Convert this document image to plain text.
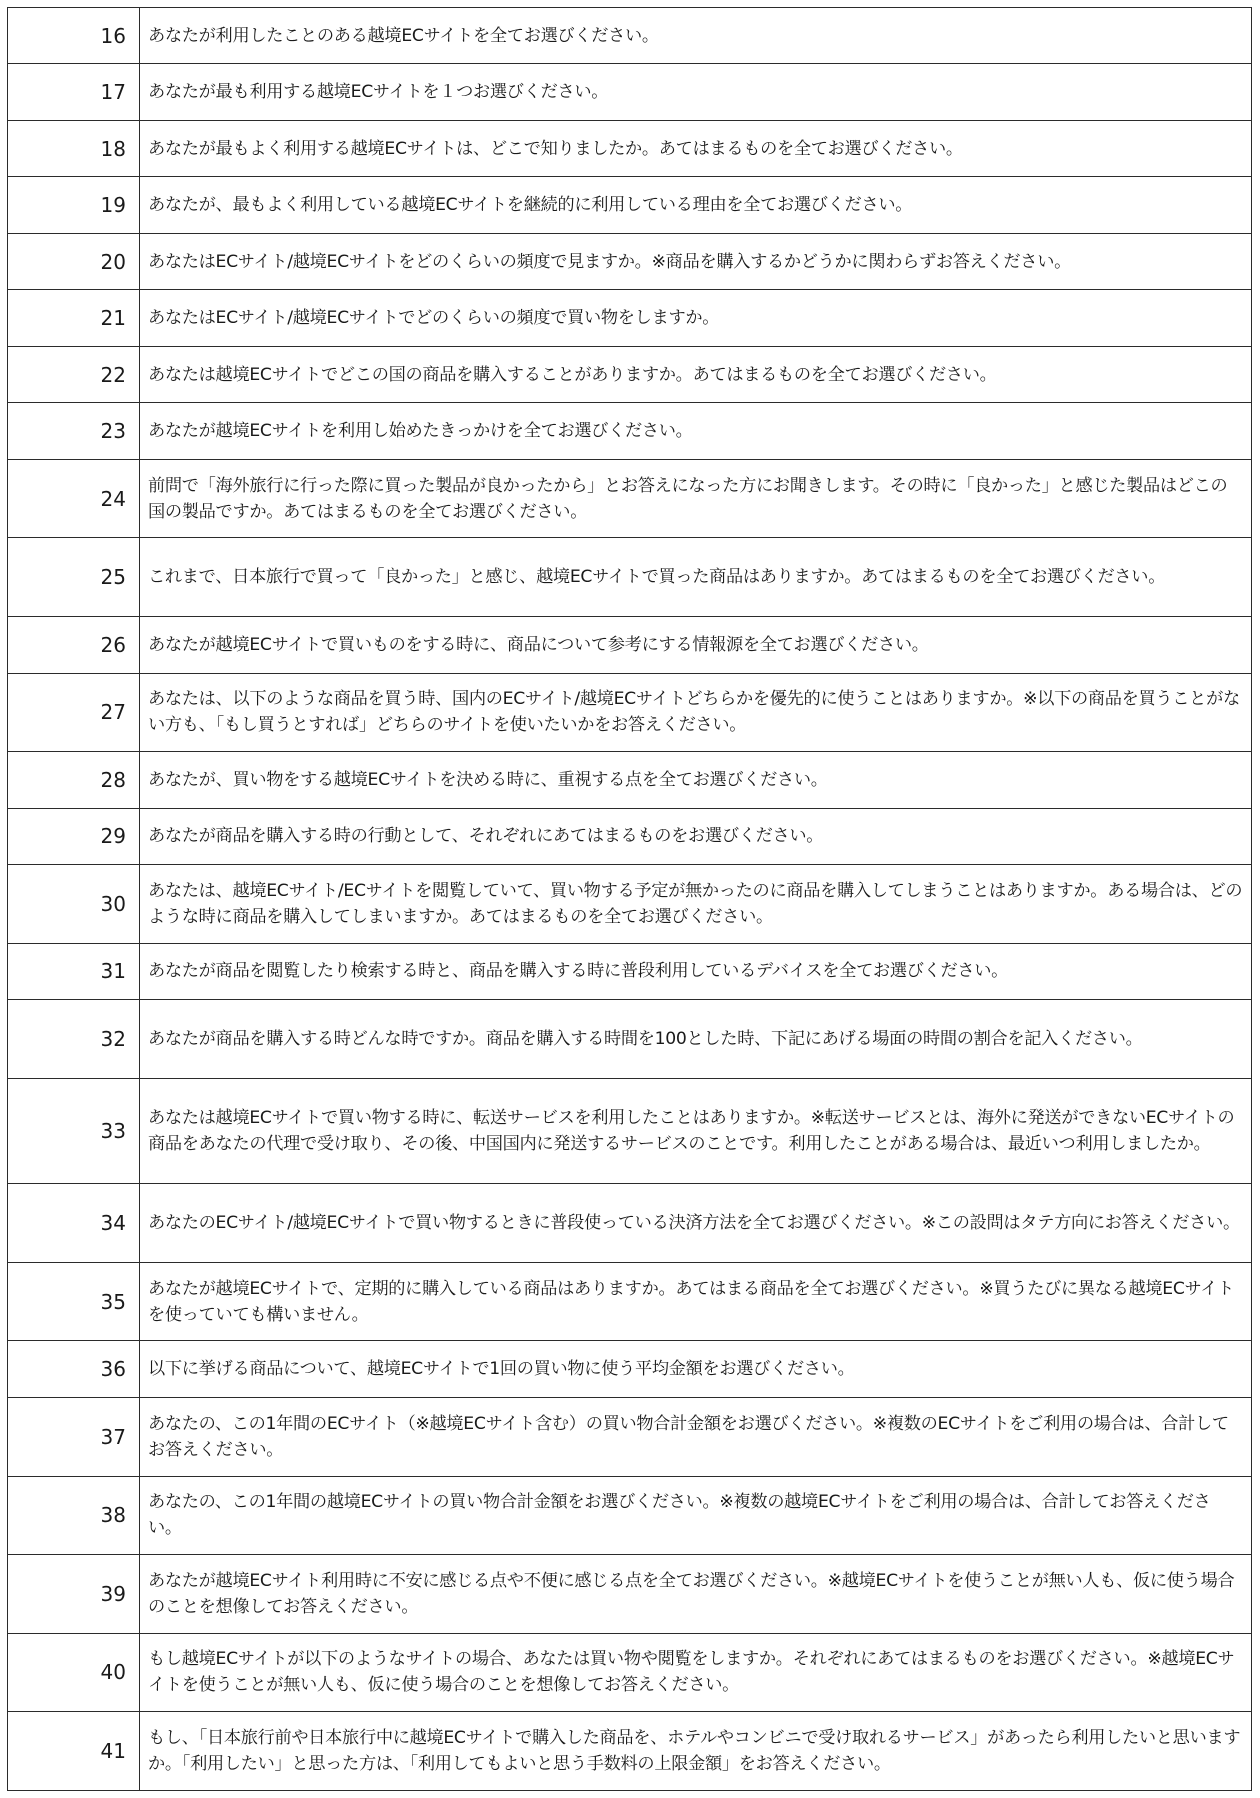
16	あなたが利用したことのある越境ECサイトを全てお選びください。
17	あなたが最も利用する越境ECサイトを１つお選びください。
18	あなたが最もよく利用する越境ECサイトは、どこで知りましたか。あてはまるものを全てお選びください。
19	あなたが、最もよく利用している越境ECサイトを継続的に利用している理由を全てお選びください。
20	あなたはECサイト/越境ECサイトをどのくらいの頻度で見ますか。※商品を購入するかどうかに関わらずお答えください。
21	あなたはECサイト/越境ECサイトでどのくらいの頻度で買い物をしますか。
22	あなたは越境ECサイトでどこの国の商品を購入することがありますか。あてはまるものを全てお選びください。
23	あなたが越境ECサイトを利用し始めたきっかけを全てお選びください。
24	前問で「海外旅行に行った際に買った製品が良かったから」とお答えになった方にお聞きします。その時に「良かった」と感じた製品はどこの国の製品ですか。あてはまるものを全てお選びください。
25	これまで、日本旅行で買って「良かった」と感じ、越境ECサイトで買った商品はありますか。あてはまるものを全てお選びください。
26	あなたが越境ECサイトで買いものをする時に、商品について参考にする情報源を全てお選びください。
27	あなたは、以下のような商品を買う時、国内のECサイト/越境ECサイトどちらかを優先的に使うことはありますか。※以下の商品を買うことがない方も、「もし買うとすれば」どちらのサイトを使いたいかをお答えください。
28	あなたが、買い物をする越境ECサイトを決める時に、重視する点を全てお選びください。
29	あなたが商品を購入する時の行動として、それぞれにあてはまるものをお選びください。
30	あなたは、越境ECサイト/ECサイトを閲覧していて、買い物する予定が無かったのに商品を購入してしまうことはありますか。ある場合は、どのような時に商品を購入してしまいますか。あてはまるものを全てお選びください。
31	あなたが商品を閲覧したり検索する時と、商品を購入する時に普段利用しているデバイスを全てお選びください。
32	あなたが商品を購入する時どんな時ですか。商品を購入する時間を100とした時、下記にあげる場面の時間の割合を記入ください。
33	あなたは越境ECサイトで買い物する時に、転送サービスを利用したことはありますか。※転送サービスとは、海外に発送ができないECサイトの商品をあなたの代理で受け取り、その後、中国国内に発送するサービスのことです。利用したことがある場合は、最近いつ利用しましたか。
34	あなたのECサイト/越境ECサイトで買い物するときに普段使っている決済方法を全てお選びください。※この設問はタテ方向にお答えください。
35	あなたが越境ECサイトで、定期的に購入している商品はありますか。あてはまる商品を全てお選びください。※買うたびに異なる越境ECサイトを使っていても構いません。
36	以下に挙げる商品について、越境ECサイトで1回の買い物に使う平均金額をお選びください。
37	あなたの、この1年間のECサイト（※越境ECサイト含む）の買い物合計金額をお選びください。※複数のECサイトをご利用の場合は、合計してお答えください。
38	あなたの、この1年間の越境ECサイトの買い物合計金額をお選びください。※複数の越境ECサイトをご利用の場合は、合計してお答えください。
39	あなたが越境ECサイト利用時に不安に感じる点や不便に感じる点を全てお選びください。※越境ECサイトを使うことが無い人も、仮に使う場合のことを想像してお答えください。
40	もし越境ECサイトが以下のようなサイトの場合、あなたは買い物や閲覧をしますか。それぞれにあてはまるものをお選びください。※越境ECサイトを使うことが無い人も、仮に使う場合のことを想像してお答えください。
41	もし、「日本旅行前や日本旅行中に越境ECサイトで購入した商品を、ホテルやコンビニで受け取れるサービス」があったら利用したいと思いますか。「利用したい」と思った方は、「利用してもよいと思う手数料の上限金額」をお答えください。
